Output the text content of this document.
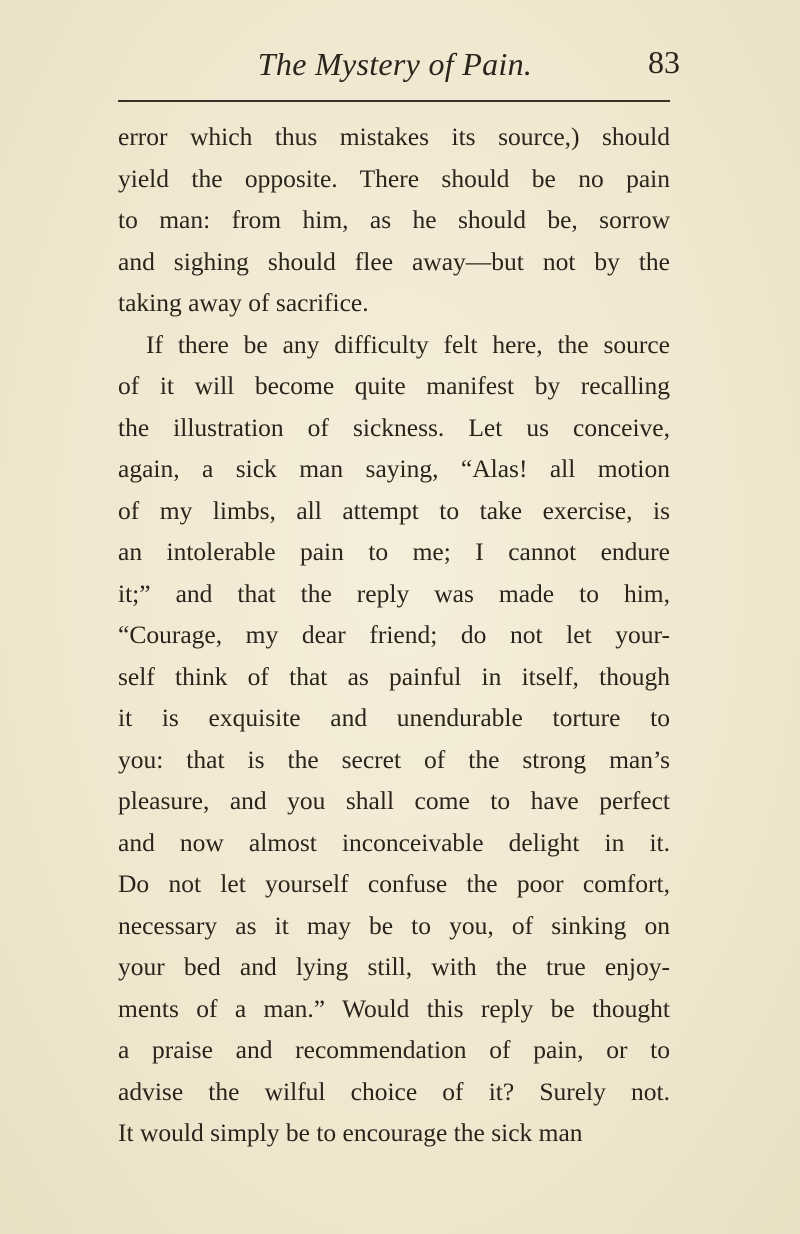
The Mystery of Pain.	83
error which thus mistakes its source,) should
yield the opposite. There should be no pain
to man: from him, as he should be, sorrow
and sighing should flee away—but not by the
taking away of sacrifice.
If there be any difficulty felt here, the source
of it will become quite manifest by recalling
the illustration of sickness. Let us conceive,
again, a sick man saying, “Alas! all motion
of my limbs, all attempt to take exercise, is
an intolerable pain to me; I cannot endure
it;” and that the reply was made to him,
“Courage, my dear friend; do not let your-
self think of that as painful in itself, though
it is exquisite and unendurable torture to
you: that is the secret of the strong man’s
pleasure, and you shall come to have perfect
and now almost inconceivable delight in it.
Do not let yourself confuse the poor comfort,
necessary as it may be to you, of sinking on
your bed and lying still, with the true enjoy-
ments of a man.” Would this reply be thought
a praise and recommendation of pain, or to
advise the wilful choice of it? Surely not.
It would simply be to encourage the sick man
